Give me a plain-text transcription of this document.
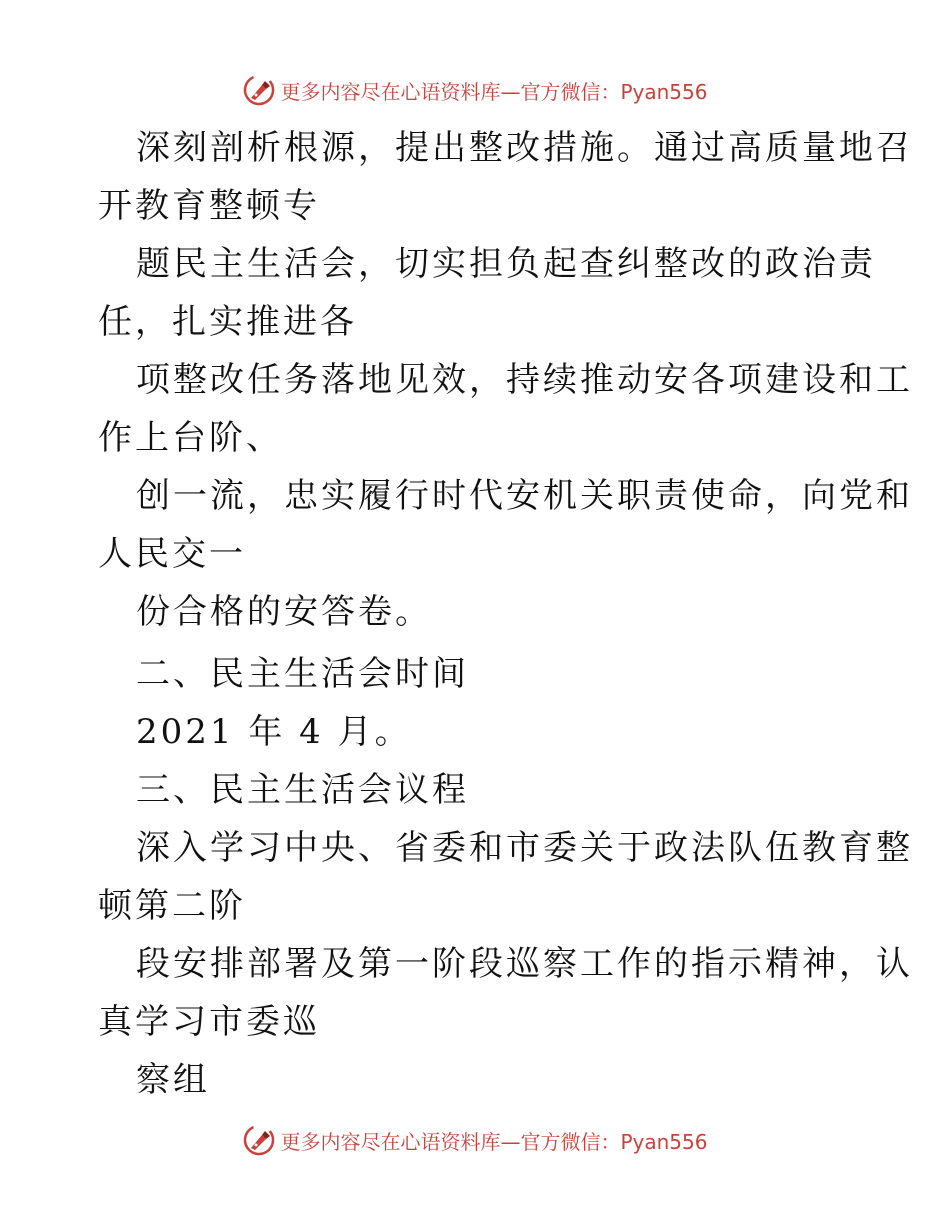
更多内容尽在心语资料库—官方微信：Pyan556
深刻剖析根源，提出整改措施。通过高质量地召
开教育整顿专
题民主生活会，切实担负起查纠整改的政治责
任，扎实推进各
项整改任务落地见效，持续推动安各项建设和工
作上台阶、
创一流，忠实履行时代安机关职责使命，向党和
人民交一
份合格的安答卷。
二、民主生活会时间
2021 年 4 月。
三、民主生活会议程
深入学习中央、省委和市委关于政法队伍教育整
顿第二阶
段安排部署及第一阶段巡察工作的指示精神，认
真学习市委巡
察组
更多内容尽在心语资料库—官方微信：Pyan556
